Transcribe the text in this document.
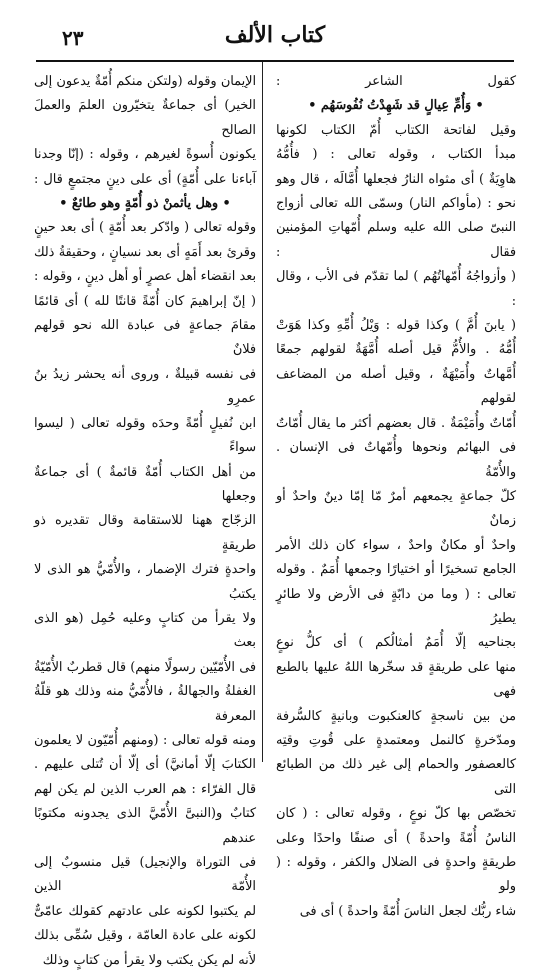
٢٣	كتاب الألف

كقول الشاعر :

• وَأُمِّ عِيالٍ قد شَهِدْتُ نُفُوسَهُم •

وقيل لفاتحة الكتاب أُمّ الكتاب لكونها

مبدأ الكتاب ، وقوله تعالى : ( فأُمُّهُ

هاوِيَةٌ ) أى مثواه النارُ فجعلها أُمَّالَه ، قال وهو

نحو : (مأواكم النار) وسمّى الله تعالى أزواج

النبىّ صلى الله عليه وسلم أُمّهاتِ المؤمنين فقال :

( وأزواجُهُ أُمّهاتُهُم ) لما تقدّم فى الأب ، وقال :

( يابنَ أُمَّ ) وكذا قوله : وَيْلُ أُمِّهِ وكذا هَوَتْ

أُمُّهُ . والأُمُّ قيل أصله أُمَّهَةٌ لقولهم جمعًا

أُمَّهاتٌ وأُمَيْهَةٌ ، وقيل أصله من المضاعف لقولهم

أُمّاتٌ وأُمَيْمَةٌ . قال بعضهم أكثر ما يقال أُمّاتٌ

فى البهائم ونحوها وأُمّهاتٌ فى الإنسان . والأُمّةُ

كلّ جماعةٍ يجمعهم أمرٌ مّا إمّا دينٌ واحدٌ أو زمانٌ

واحدٌ أو مكانٌ واحدٌ ، سواء كان ذلك الأمر

الجامع تسخيرًا أو اختيارًا وجمعها أُمَمٌ . وقوله

تعالى : ( وما من دابّةٍ فى الأرض ولا طائرٍ يطيرُ

بجناحيه إلّا أُمَمٌ أمثالُكم ) أى كلُّ نوعٍ

منها على طريقةٍ قد سخّرها اللهُ عليها بالطبع فهى

من بين ناسجةٍ كالعنكبوت وبانيةٍ كالسُّرفة

ومدّخرةٍ كالنمل ومعتمدةٍ على قُوتِ وقتِه

كالعصفور والحمام إلى غير ذلك من الطبائع التى

تخصّص بها كلّ نوعٍ ، وقوله تعالى : ( كان

الناسُ أُمّةً واحدةً ) أى صنفًا واحدًا وعلى

طريقةٍ واحدةٍ فى الضلال والكفر ، وقوله : ( ولو

شاء ربُّك لجعل الناسَ أُمّةً واحدةً ) أى فى

الإيمان وقوله (ولتكن منكم أُمّةٌ يدعون إلى

الخير) أى جماعةٌ يتخيّرون العلمَ والعملَ الصالح

يكونون أُسوةً لغيرهم ، وقوله : (إنّا وجدنا

آباءنا على أُمّةٍ) أى على دينٍ مجتمعٍ قال :

• وهل يأثمنْ ذو أُمّةٍ وهو طائعٌ •

وقوله تعالى ( وادّكر بعد أُمّةٍ ) أى بعد حينٍ

وقرئ بعد أَمَهٍ أى بعد نسيانٍ ، وحقيقةُ ذلك

بعد انقضاء أهل عصرٍ أو أهل دينٍ ، وقوله :

( إنّ إبراهيمَ كان أُمّةً قانتًا لله ) أى قائمًا

مقامَ جماعةٍ فى عبادة الله نحو قولهم فلانٌ

فى نفسه قبيلةٌ ، وروى أنه يحشر زيدُ بنُ عمرِو

ابن نُفيلٍ أُمّةً وحدَه وقوله تعالى ( ليسوا سواءً

من أهل الكتاب أُمّةٌ قائمةٌ ) أى جماعةٌ وجعلها

الزجّاج ههنا للاستقامة وقال تقديره ذو طريقةٍ

واحدةٍ فترك الإضمار ، والأُمّيُّ هو الذى لا يكتبُ

ولا يقرأ من كتابٍ وعليه حُمِل (هو الذى بعث

فى الأُمّيّين رسولًا منهم) قال قطربٌ الأُمّيّةُ

الغفلةُ والجهالةُ ، فالأُمّيُّ منه وذلك هو قلّةُ المعرفة

ومنه قوله تعالى : (ومنهم أُمّيّون لا يعلمون

الكتابَ إلّا أمانيَّ) أى إلّا أن تُتلى عليهم .

قال الفرّاء : هم العرب الذين لم يكن لهم

كتابٌ و(النبىَّ الأُمّيَّ الذى يجدونه مكتوبًا عندهم

فى التوراة والإنجيل) قيل منسوبٌ إلى الأُمّة الذين

لم يكتبوا لكونه على عادتهم كقولك عامّىٌّ

لكونه على عادة العامّة ، وقيل سُمِّى بذلك

لأنه لم يكن يكتب ولا يقرأ من كتابٍ وذلك
